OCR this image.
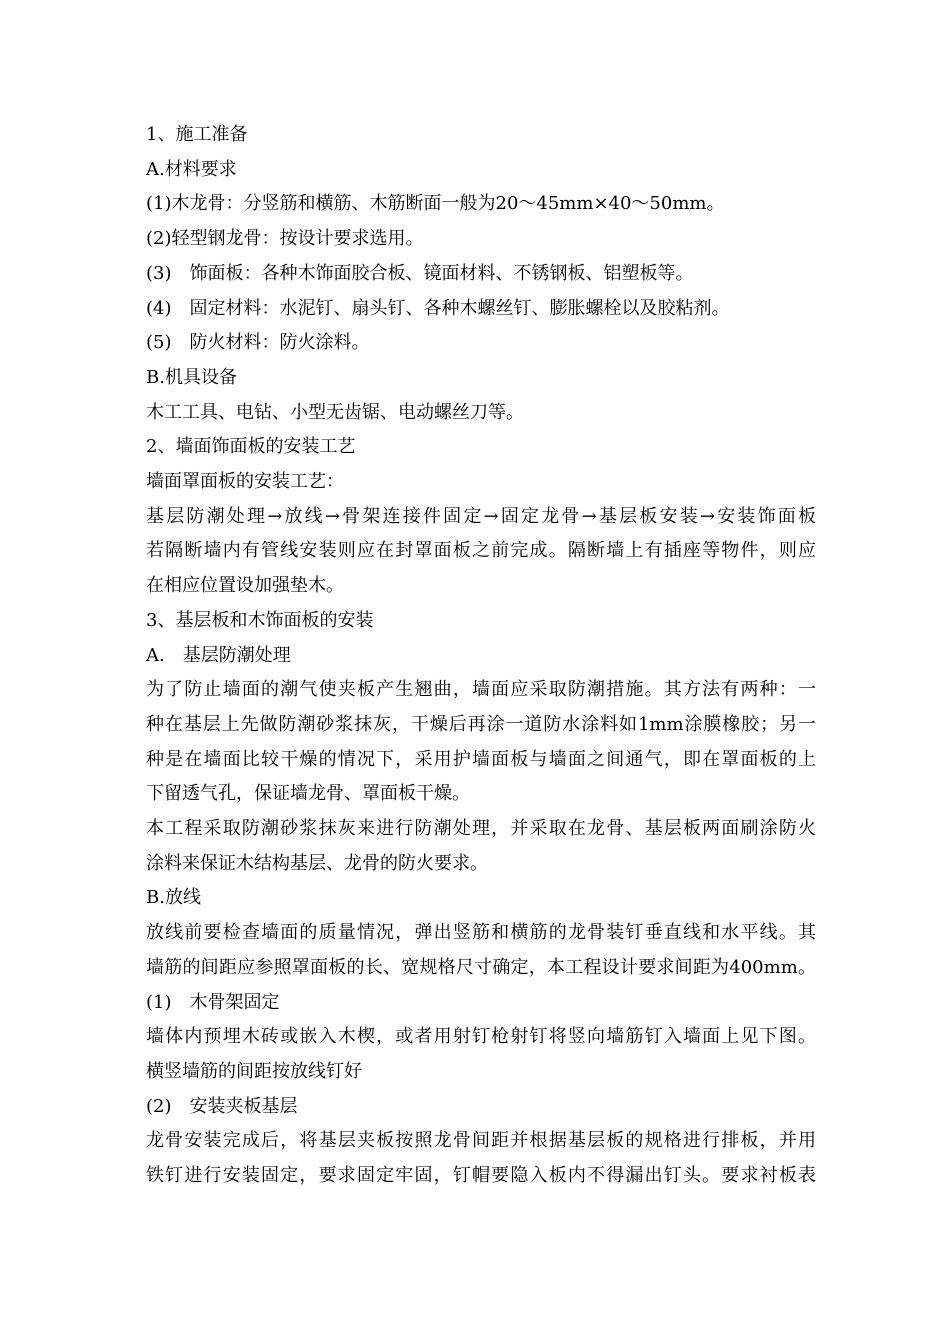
1、施工准备
A.材料要求
(1)木龙骨：分竖筋和横筋、木筋断面一般为20～45mm×40～50mm。
(2)轻型钢龙骨：按设计要求选用。
(3)　饰面板：各种木饰面胶合板、镜面材料、不锈钢板、铝塑板等。
(4)　固定材料：水泥钉、扇头钉、各种木螺丝钉、膨胀螺栓以及胶粘剂。
(5)　防火材料：防火涂料。
B.机具设备
木工工具、电钻、小型无齿锯、电动螺丝刀等。
2、墙面饰面板的安装工艺
墙面罩面板的安装工艺：
基层防潮处理→放线→骨架连接件固定→固定龙骨→基层板安装→安装饰面板
若隔断墙内有管线安装则应在封罩面板之前完成。隔断墙上有插座等物件，则应
在相应位置设加强垫木。
3、基层板和木饰面板的安装
A.　基层防潮处理
为了防止墙面的潮气使夹板产生翘曲，墙面应采取防潮措施。其方法有两种：一
种在基层上先做防潮砂浆抹灰，干燥后再涂一道防水涂料如1mm涂膜橡胶；另一
种是在墙面比较干燥的情况下，采用护墙面板与墙面之间通气，即在罩面板的上
下留透气孔，保证墙龙骨、罩面板干燥。
本工程采取防潮砂浆抹灰来进行防潮处理，并采取在龙骨、基层板两面刷涂防火
涂料来保证木结构基层、龙骨的防火要求。
B.放线
放线前要检查墙面的质量情况，弹出竖筋和横筋的龙骨装钉垂直线和水平线。其
墙筋的间距应参照罩面板的长、宽规格尺寸确定，本工程设计要求间距为400mm。
(1)　木骨架固定
墙体内预埋木砖或嵌入木楔，或者用射钉枪射钉将竖向墙筋钉入墙面上见下图。
横竖墙筋的间距按放线钉好
(2)　安装夹板基层
龙骨安装完成后，将基层夹板按照龙骨间距并根据基层板的规格进行排板，并用
铁钉进行安装固定，要求固定牢固，钉帽要隐入板内不得漏出钉头。要求衬板表
